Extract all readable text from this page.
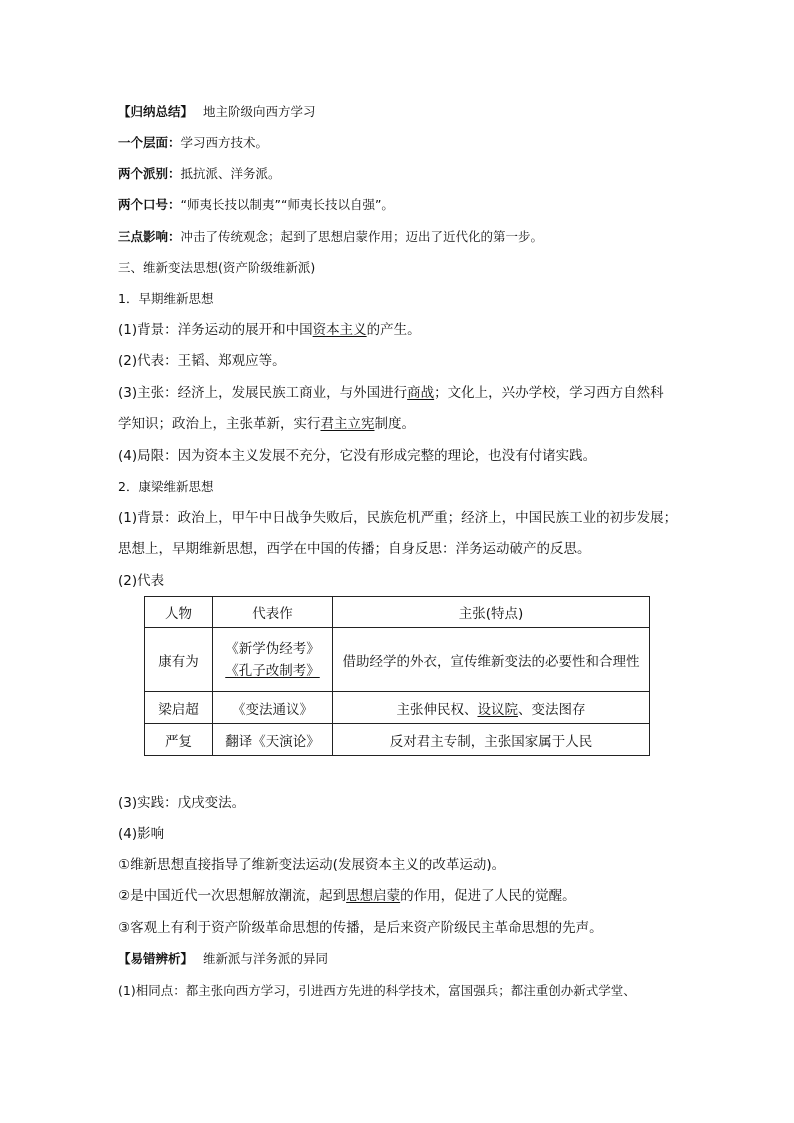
【归纳总结】 地主阶级向西方学习
一个层面：学习西方技术。
两个派别：抵抗派、洋务派。
两个口号：“师夷长技以制夷”“师夷长技以自强”。
三点影响：冲击了传统观念；起到了思想启蒙作用；迈出了近代化的第一步。
三、维新变法思想(资产阶级维新派)
1．早期维新思想
(1)背景：洋务运动的展开和中国资本主义的产生。
(2)代表：王韬、郑观应等。
(3)主张：经济上，发展民族工商业，与外国进行商战；文化上，兴办学校，学习西方自然科
学知识；政治上，主张革新，实行君主立宪制度。
(4)局限：因为资本主义发展不充分，它没有形成完整的理论，也没有付诸实践。
2．康梁维新思想
(1)背景：政治上，甲午中日战争失败后，民族危机严重；经济上，中国民族工业的初步发展；
思想上，早期维新思想，西学在中国的传播；自身反思：洋务运动破产的反思。
(2)代表
人物	代表作	主张(特点)
康有为	《新学伪经考》
《孔子改制考》	借助经学的外衣，宣传维新变法的必要性和合理性
梁启超	《变法通议》	主张伸民权、设议院、变法图存
严复	翻译《天演论》	反对君主专制，主张国家属于人民
(3)实践：戊戌变法。
(4)影响
①维新思想直接指导了维新变法运动(发展资本主义的改革运动)。
②是中国近代一次思想解放潮流，起到思想启蒙的作用，促进了人民的觉醒。
③客观上有利于资产阶级革命思想的传播，是后来资产阶级民主革命思想的先声。
【易错辨析】 维新派与洋务派的异同
(1)相同点：都主张向西方学习，引进西方先进的科学技术，富国强兵；都注重创办新式学堂、
